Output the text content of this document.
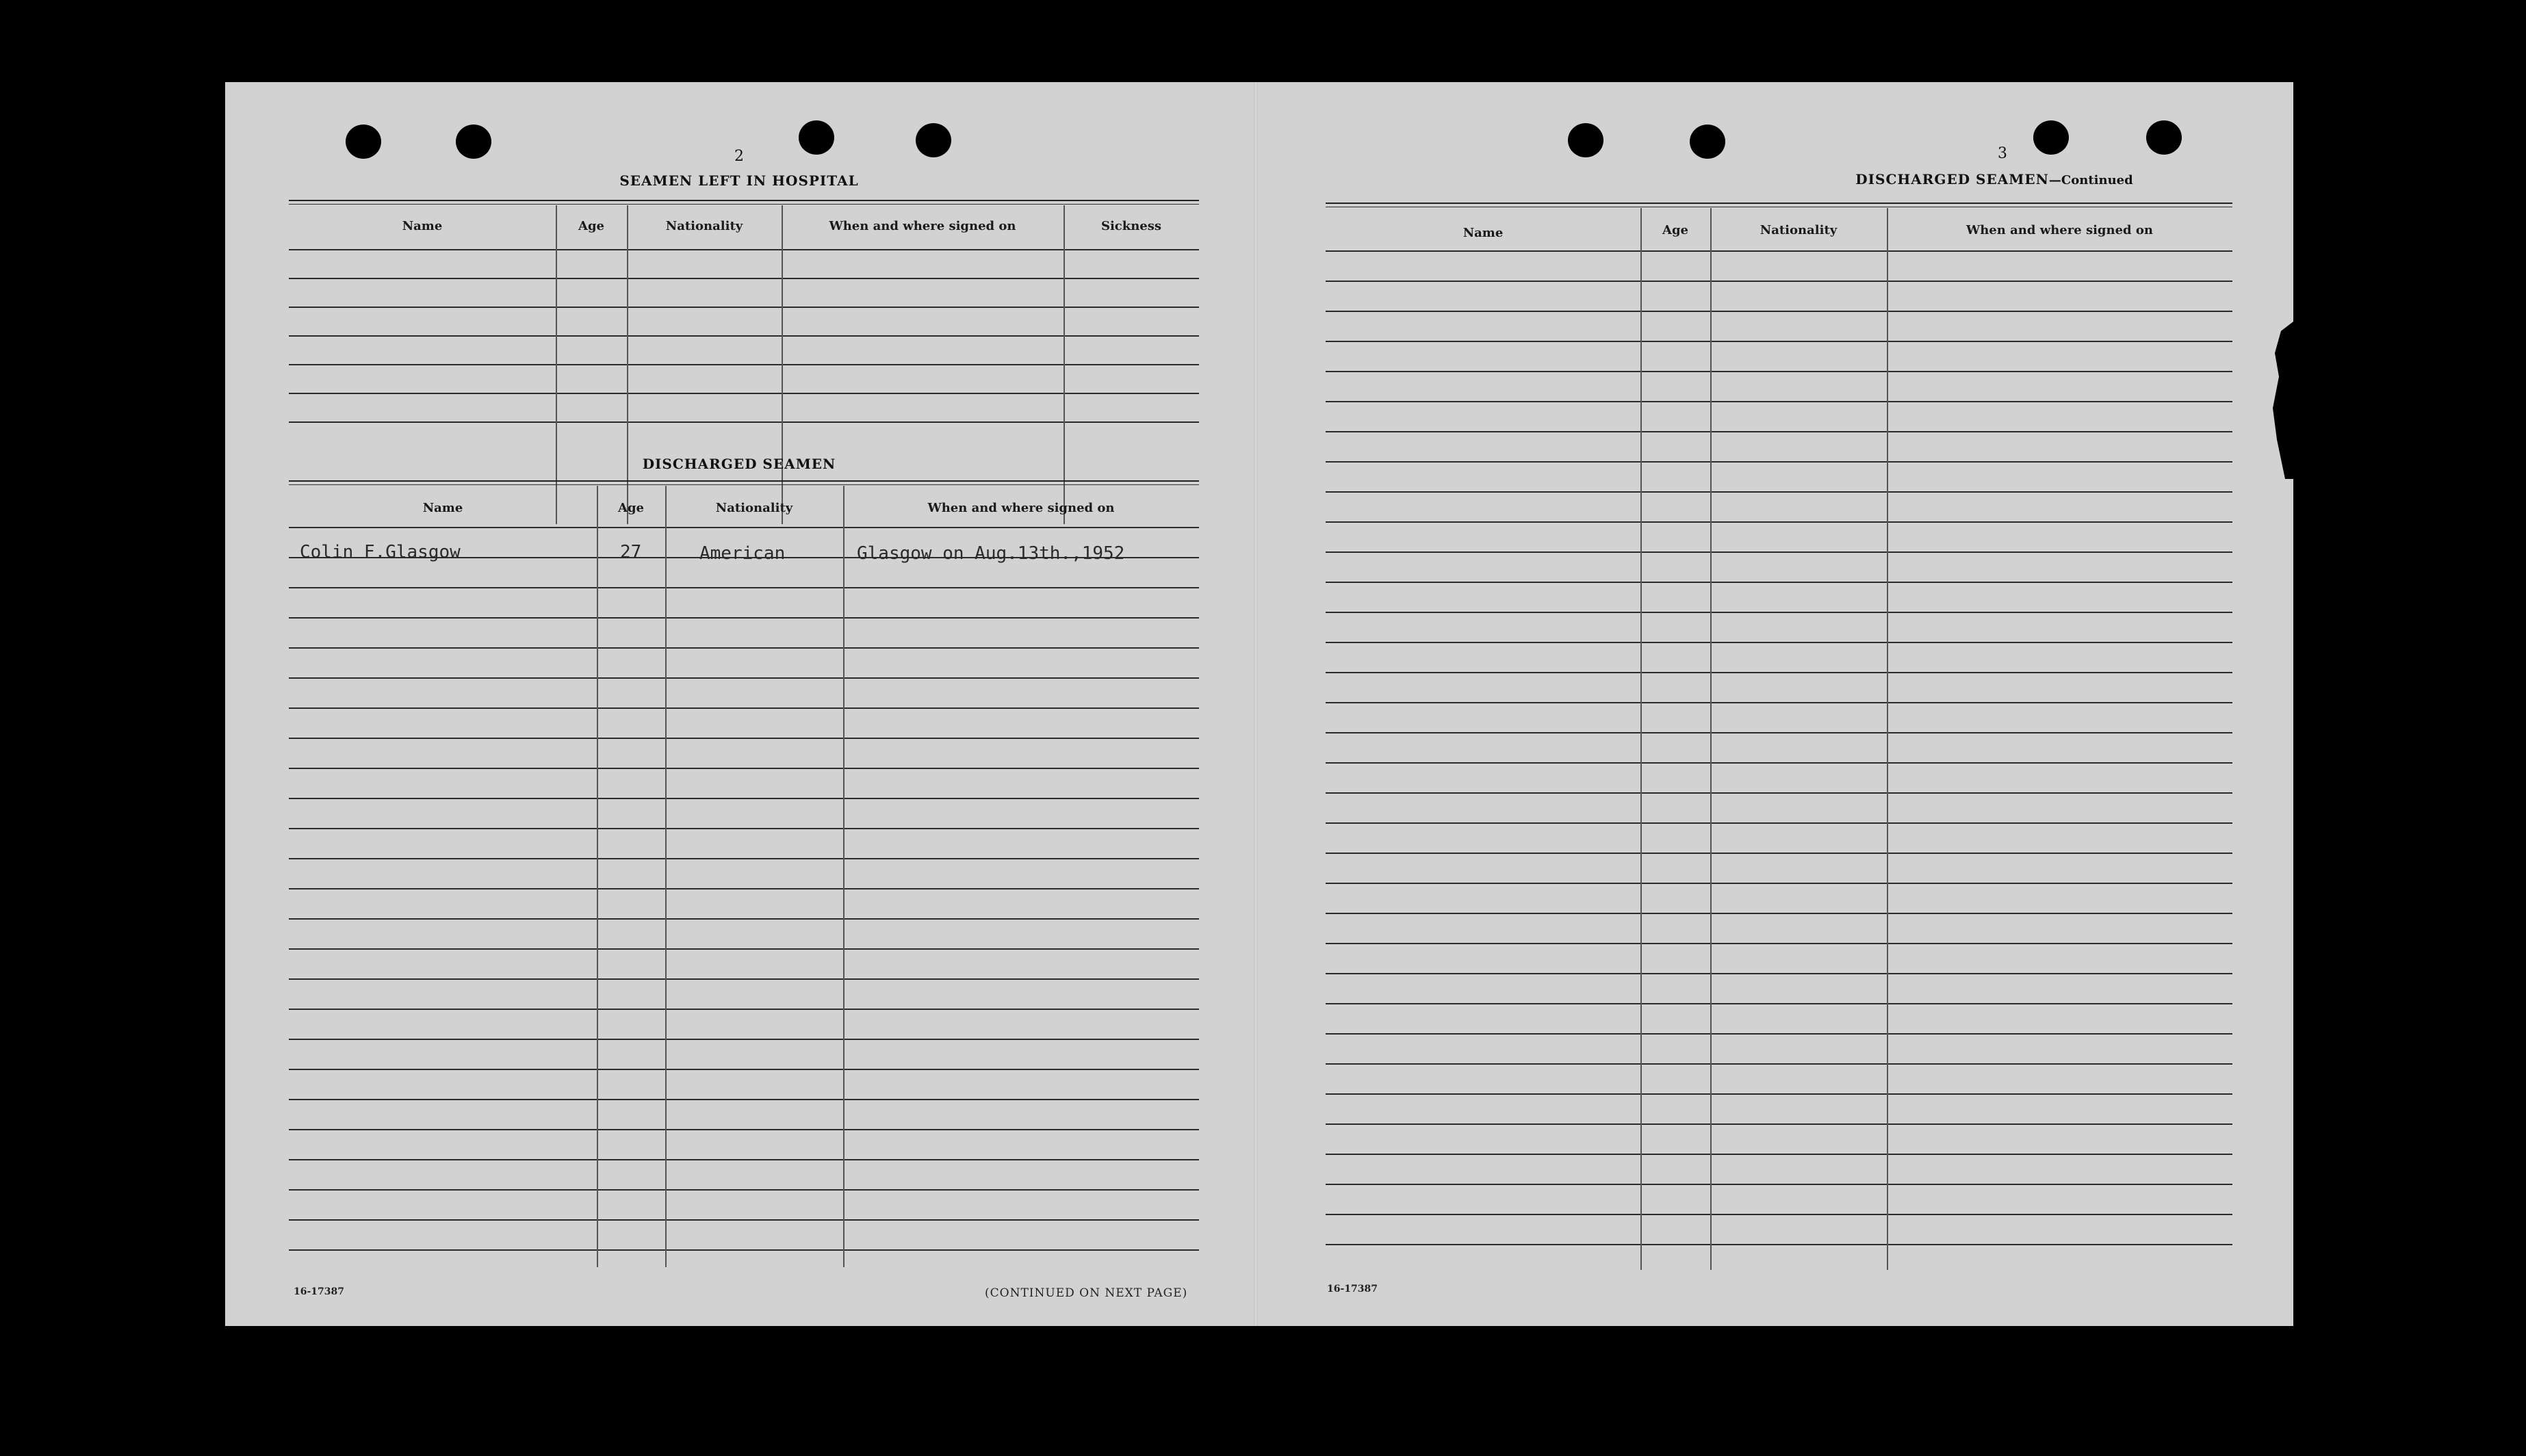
2
SEAMEN LEFT IN HOSPITAL
Name	Age	Nationality	When and where signed on	Sickness
DISCHARGED SEAMEN
Name	Age	Nationality	When and where signed on
Colin F.Glasgow	27	American	Glasgow on Aug.13th.,1952
16-17387	(CONTINUED ON NEXT PAGE)
3
DISCHARGED SEAMEN—Continued
Name	Age	Nationality	When and where signed on
16-17387
